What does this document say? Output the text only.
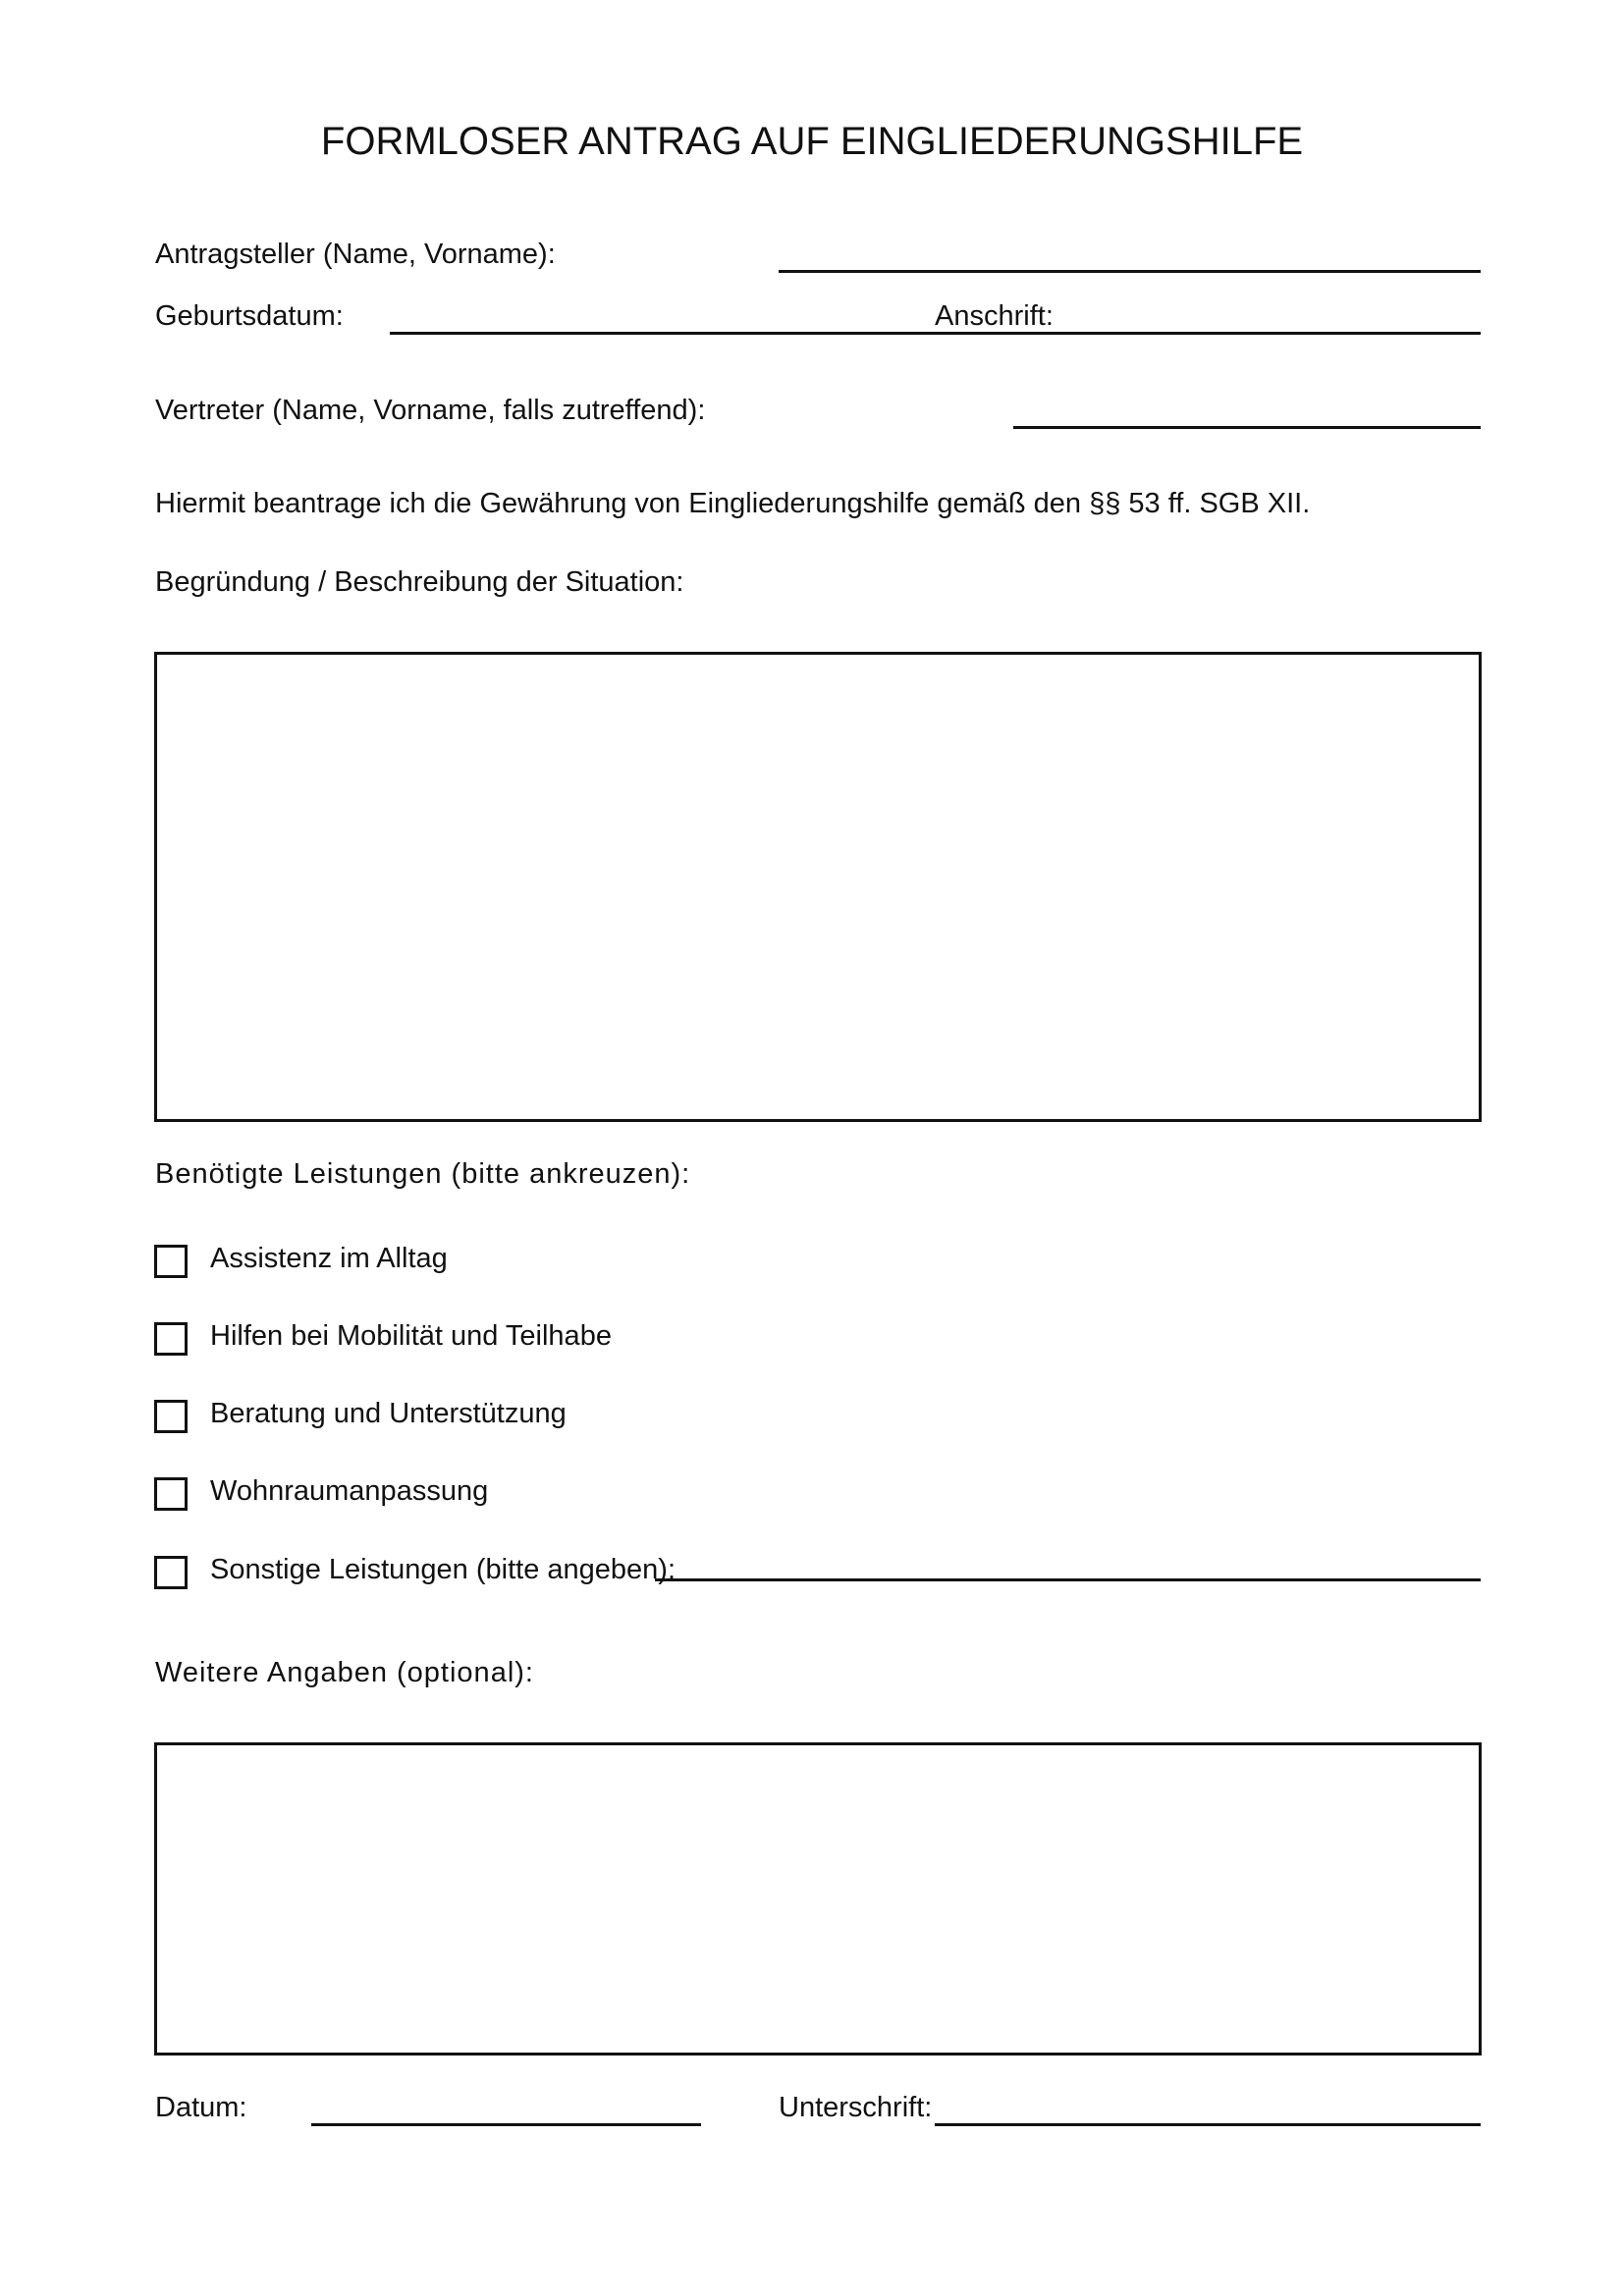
FORMLOSER ANTRAG AUF EINGLIEDERUNGSHILFE
Antragsteller (Name, Vorname):
Geburtsdatum:	Anschrift:
Vertreter (Name, Vorname, falls zutreffend):
Hiermit beantrage ich die Gewährung von Eingliederungshilfe gemäß den §§ 53 ff. SGB XII.
Begründung / Beschreibung der Situation:
Benötigte Leistungen (bitte ankreuzen):
Assistenz im Alltag
Hilfen bei Mobilität und Teilhabe
Beratung und Unterstützung
Wohnraumanpassung
Sonstige Leistungen (bitte angeben):
Weitere Angaben (optional):
Datum:	Unterschrift:
